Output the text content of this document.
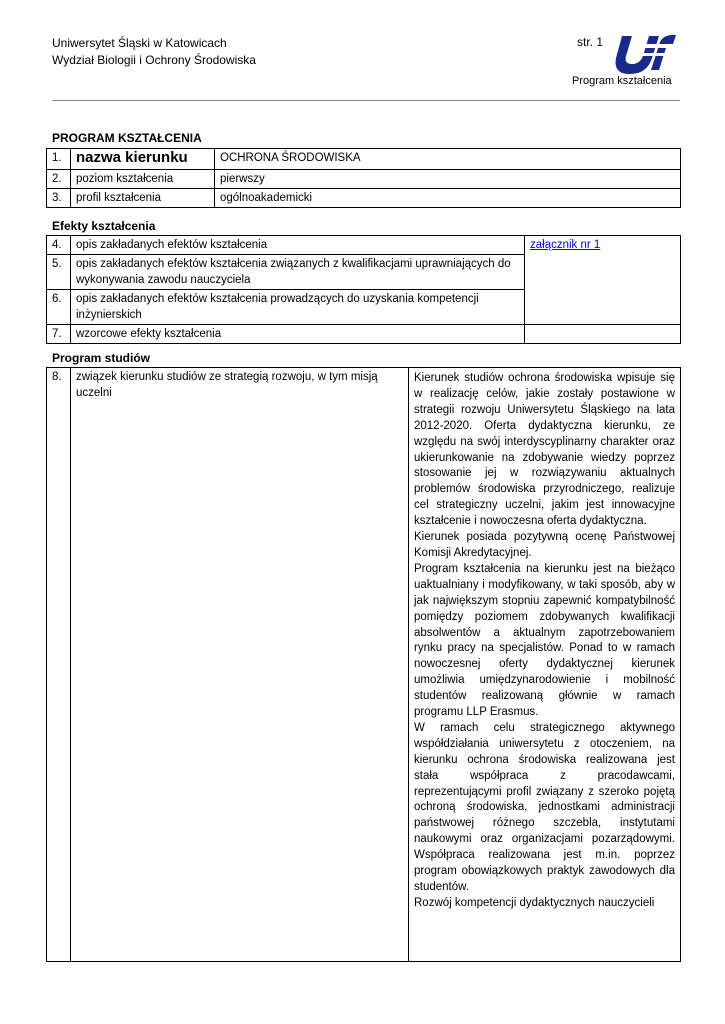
Uniwersytet Śląski w Katowicach
Wydział Biologii i Ochrony Środowiska
str. 1
Program kształcenia
PROGRAM KSZTAŁCENIA
1.	nazwa kierunku	OCHRONA ŚRODOWISKA
2.	poziom kształcenia	pierwszy
3.	profil kształcenia	ogólnoakademicki
Efekty kształcenia
4.	opis zakładanych efektów kształcenia	załącznik nr 1
5.	opis zakładanych efektów kształcenia związanych z kwalifikacjami uprawniających do wykonywania zawodu nauczyciela	
6.	opis zakładanych efektów kształcenia prowadzących do uzyskania kompetencji inżynierskich	
7.	wzorcowe efekty kształcenia	
Program studiów
8.	związek kierunku studiów ze strategią rozwoju, w tym misją uczelni	
Kierunek studiów ochrona środowiska wpisuje się w realizację celów, jakie zostały postawione w strategii rozwoju Uniwersytetu Śląskiego na lata 2012-2020. Oferta dydaktyczna kierunku, ze względu na swój interdyscyplinarny charakter oraz ukierunkowanie na zdobywanie wiedzy poprzez stosowanie jej w rozwiązywaniu aktualnych problemów środowiska przyrodniczego, realizuje cel strategiczny uczelni, jakim jest innowacyjne kształcenie i nowoczesna oferta dydaktyczna.
Kierunek posiada pozytywną ocenę Państwowej Komisji Akredytacyjnej.
Program kształcenia na kierunku jest na bieżąco uaktualniany i modyfikowany, w taki sposób, aby w jak największym stopniu zapewnić kompatybilność pomiędzy poziomem zdobywanych kwalifikacji absolwentów a aktualnym zapotrzebowaniem rynku pracy na specjalistów. Ponad to w ramach nowoczesnej oferty dydaktycznej kierunek umożliwia umiędzynarodowienie i mobilność studentów realizowaną głównie w ramach programu LLP Erasmus.
W ramach celu strategicznego aktywnego współdziałania uniwersytetu z otoczeniem, na kierunku ochrona środowiska realizowana jest stała współpraca z pracodawcami, reprezentującymi profil związany z szeroko pojętą ochroną środowiska, jednostkami administracji państwowej różnego szczebla, instytutami naukowymi oraz organizacjami pozarządowymi. Współpraca realizowana jest m.in. poprzez program obowiązkowych praktyk zawodowych dla studentów.
Rozwój kompetencji dydaktycznych nauczycieli
